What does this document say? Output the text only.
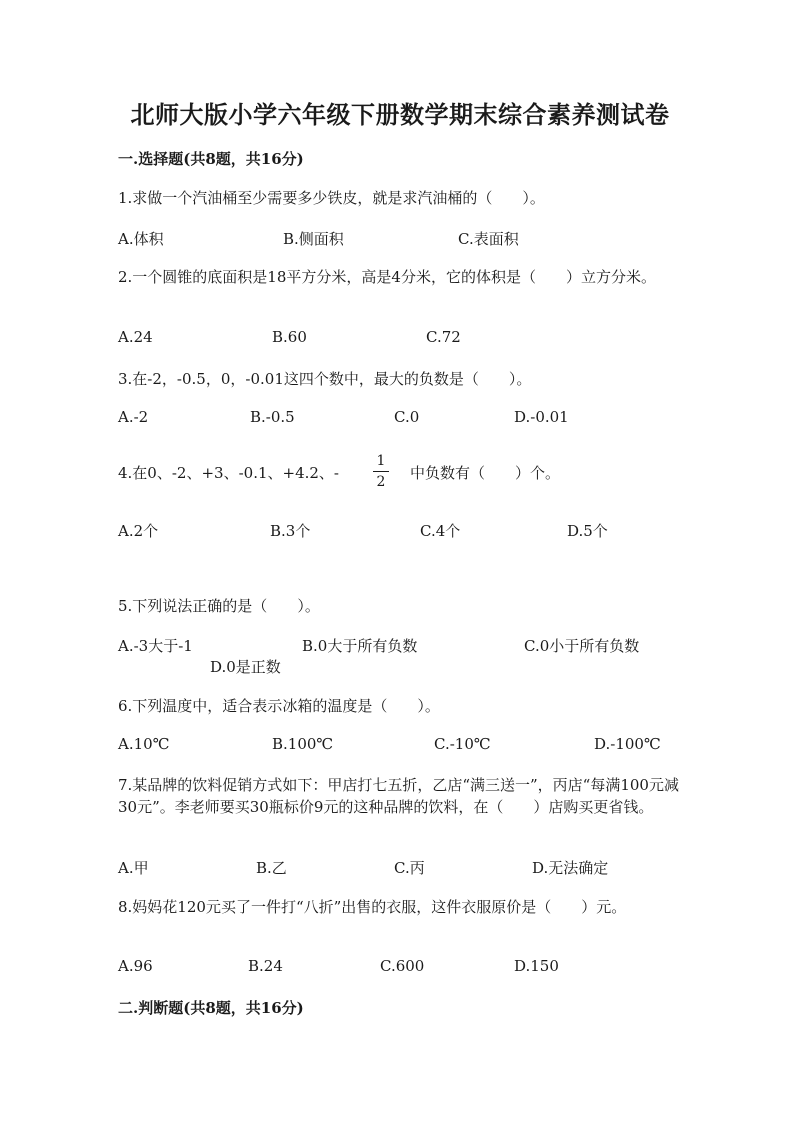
北师大版小学六年级下册数学期末综合素养测试卷
一.选择题(共8题，共16分)
1.求做一个汽油桶至少需要多少铁皮，就是求汽油桶的（　　）。
A.体积	B.侧面积	C.表面积
2.一个圆锥的底面积是18平方分米，高是4分米，它的体积是（　　）立方分米。
A.24	B.60	C.72
3.在-2，-0.5，0，-0.01这四个数中，最大的负数是（　　）。
A.-2	B.-0.5	C.0	D.-0.01
4.在0、-2、+3、-0.1、+4.2、-
1
2 中负数有（　　）个。
A.2个	B.3个	C.4个	D.5个
5.下列说法正确的是（　　）。
A.-3大于-1	B.0大于所有负数	C.0小于所有负数
D.0是正数
6.下列温度中，适合表示冰箱的温度是（　　）。
A.10℃	B.100℃	C.-10℃	D.-100℃
7.某品牌的饮料促销方式如下：甲店打七五折，乙店“满三送一”，丙店“每满100元减30元”。李老师要买30瓶标价9元的这种品牌的饮料，在（　　）店购买更省钱。
A.甲	B.乙	C.丙	D.无法确定
8.妈妈花120元买了一件打“八折”出售的衣服，这件衣服原价是（　　）元。
A.96	B.24	C.600	D.150
二.判断题(共8题，共16分)
